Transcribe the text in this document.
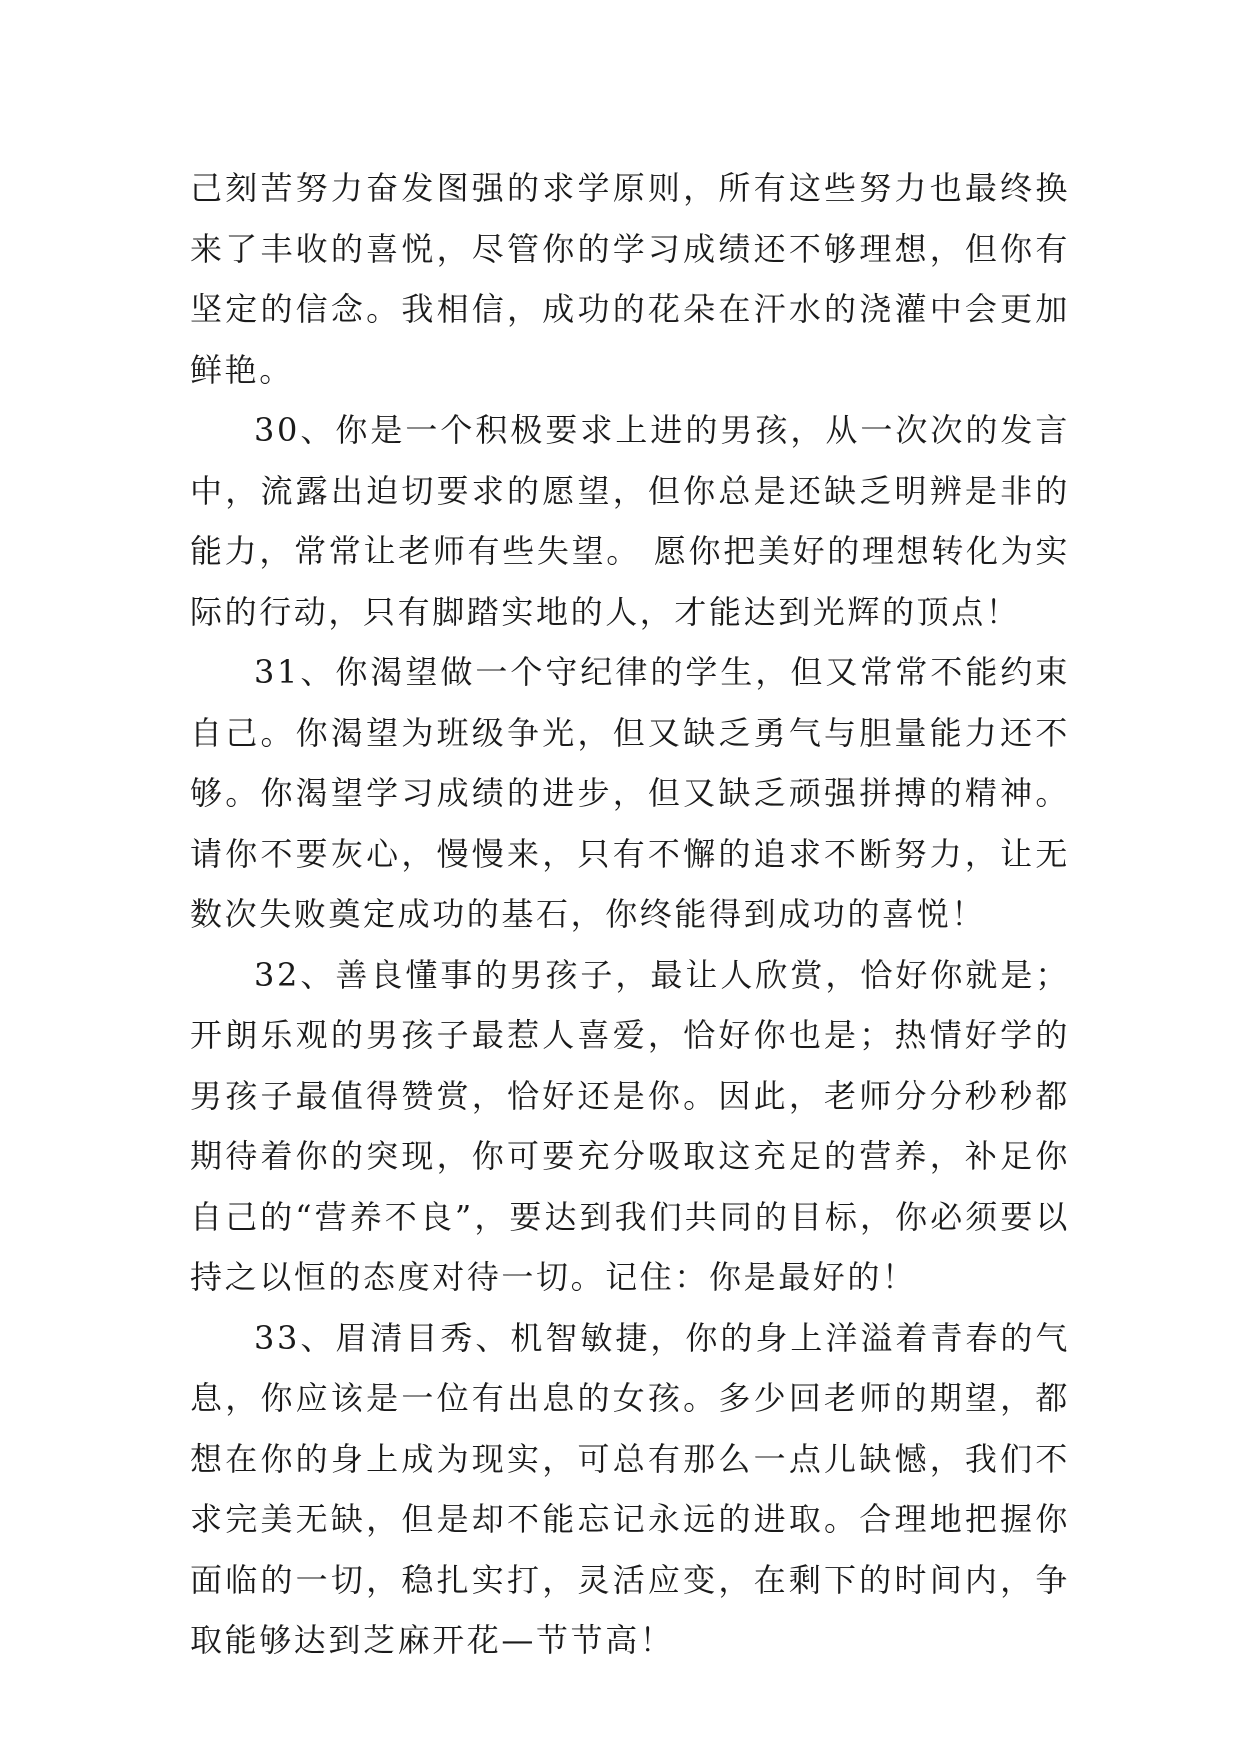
己刻苦努力奋发图强的求学原则，所有这些努力也最终换来了丰收的喜悦，尽管你的学习成绩还不够理想，但你有坚定的信念。我相信，成功的花朵在汗水的浇灌中会更加鲜艳。

30、你是一个积极要求上进的男孩，从一次次的发言中，流露出迫切要求的愿望，但你总是还缺乏明辨是非的能力，常常让老师有些失望。 愿你把美好的理想转化为实际的行动，只有脚踏实地的人，才能达到光辉的顶点！

31、你渴望做一个守纪律的学生，但又常常不能约束自己。你渴望为班级争光，但又缺乏勇气与胆量能力还不够。你渴望学习成绩的进步，但又缺乏顽强拼搏的精神。请你不要灰心，慢慢来，只有不懈的追求不断努力，让无数次失败奠定成功的基石，你终能得到成功的喜悦！

32、善良懂事的男孩子，最让人欣赏，恰好你就是；开朗乐观的男孩子最惹人喜爱，恰好你也是；热情好学的男孩子最值得赞赏，恰好还是你。因此，老师分分秒秒都期待着你的突现，你可要充分吸取这充足的营养，补足你自己的“营养不良”，要达到我们共同的目标，你必须要以持之以恒的态度对待一切。记住：你是最好的！

33、眉清目秀、机智敏捷，你的身上洋溢着青春的气息，你应该是一位有出息的女孩。多少回老师的期望，都想在你的身上成为现实，可总有那么一点儿缺憾，我们不求完美无缺，但是却不能忘记永远的进取。合理地把握你面临的一切，稳扎实打，灵活应变，在剩下的时间内，争取能够达到芝麻开花—节节高！
